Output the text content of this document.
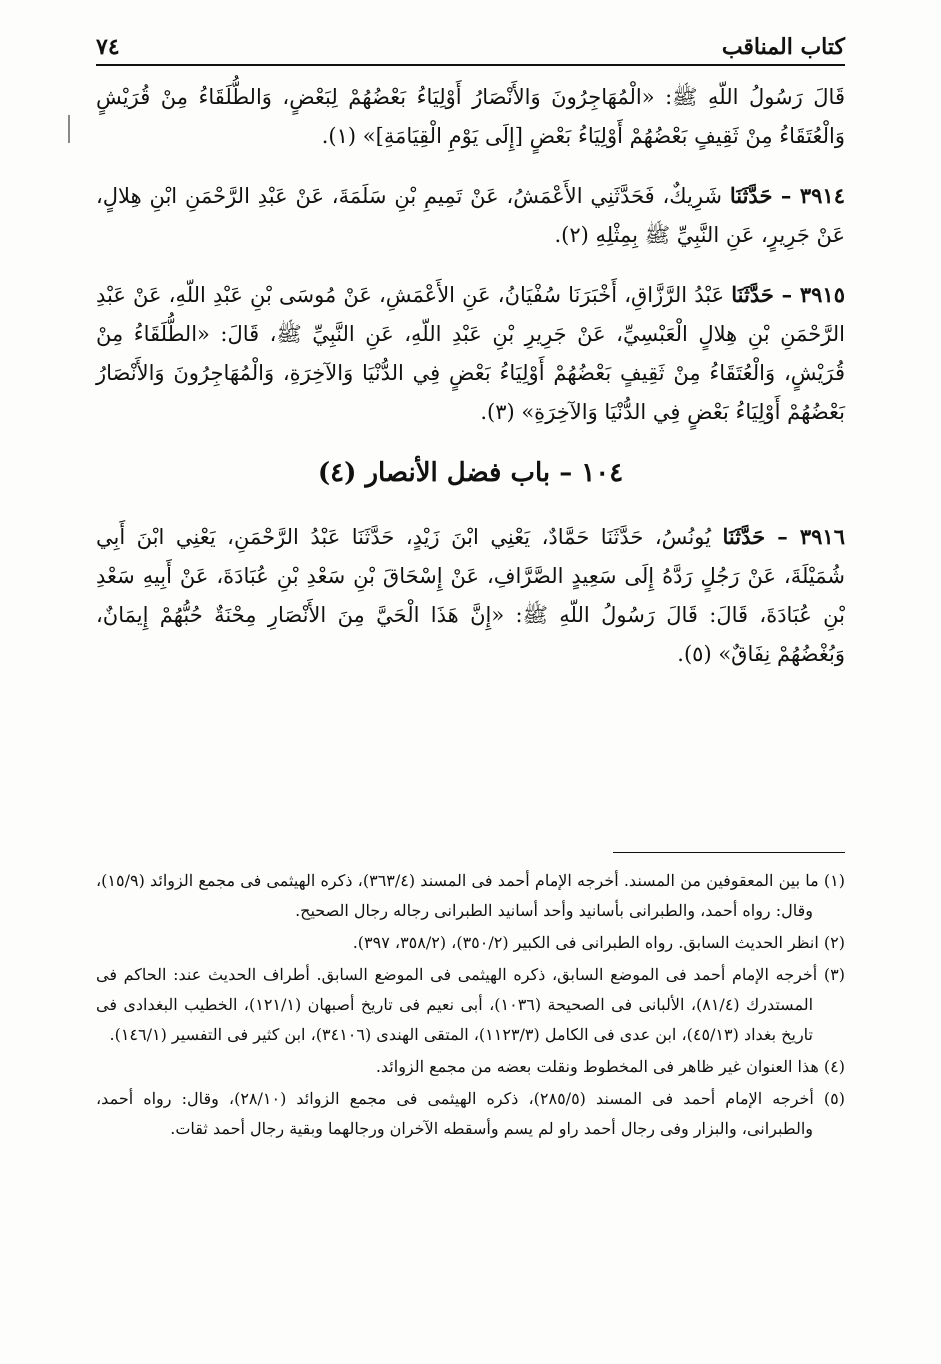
كتاب المناقب
٧٤

قَالَ رَسُولُ اللّهِ ﷺ: «الْمُهَاجِرُونَ وَالأَنْصَارُ أَوْلِيَاءُ بَعْضُهُمْ لِبَعْضٍ، وَالطُّلَقَاءُ مِنْ قُرَيْشٍ وَالْعُتَقَاءُ مِنْ ثَقِيفٍ بَعْضُهُمْ أَوْلِيَاءُ بَعْضٍ [إِلَى يَوْمِ الْقِيَامَةِ]» (١).

٣٩١٤ – حَدَّثَنَا شَرِيكٌ، فَحَدَّثَنِي الأَعْمَشُ، عَنْ تَمِيمِ بْنِ سَلَمَةَ، عَنْ عَبْدِ الرَّحْمَنِ ابْنِ هِلالٍ، عَنْ جَرِيرٍ، عَنِ النَّبِيِّ ﷺ بِمِثْلِهِ (٢).

٣٩١٥ – حَدَّثَنَا عَبْدُ الرَّزَّاقِ، أَخْبَرَنَا سُفْيَانُ، عَنِ الأَعْمَشِ، عَنْ مُوسَى بْنِ عَبْدِ اللّهِ، عَنْ عَبْدِ الرَّحْمَنِ بْنِ هِلالٍ الْعَبْسِيِّ، عَنْ جَرِيرِ بْنِ عَبْدِ اللّهِ، عَنِ النَّبِيِّ ﷺ، قَالَ: «الطُّلَقَاءُ مِنْ قُرَيْشٍ، وَالْعُتَقَاءُ مِنْ ثَقِيفٍ بَعْضُهُمْ أَوْلِيَاءُ بَعْضٍ فِي الدُّنْيَا وَالآخِرَةِ، وَالْمُهَاجِرُونَ وَالأَنْصَارُ بَعْضُهُمْ أَوْلِيَاءُ بَعْضٍ فِي الدُّنْيَا وَالآخِرَةِ» (٣).

١٠٤ – باب فضل الأنصار (٤)

٣٩١٦ – حَدَّثَنَا يُونُسُ، حَدَّثَنَا حَمَّادٌ، يَعْنِي ابْنَ زَيْدٍ، حَدَّثَنَا عَبْدُ الرَّحْمَنِ، يَعْنِي ابْنَ أَبِي شُمَيْلَةَ، عَنْ رَجُلٍ رَدَّهُ إِلَى سَعِيدٍ الصَّرَّافِ، عَنْ إِسْحَاقَ بْنِ سَعْدِ بْنِ عُبَادَةَ، عَنْ أَبِيهِ سَعْدِ بْنِ عُبَادَةَ، قَالَ: قَالَ رَسُولُ اللّهِ ﷺ: «إِنَّ هَذَا الْحَيَّ مِنَ الأَنْصَارِ مِحْنَةٌ حُبُّهُمْ إِيمَانٌ، وَبُغْضُهُمْ نِفَاقٌ» (٥).

(١) ما بين المعقوفين من المسند. أخرجه الإمام أحمد فى المسند (٣٦٣/٤)، ذكره الهيثمى فى مجمع الزوائد (١٥/٩)، وقال: رواه أحمد، والطبرانى بأسانيد وأحد أسانيد الطبرانى رجاله رجال الصحيح.

(٢) انظر الحديث السابق. رواه الطبرانى فى الكبير (٣٥٠/٢)، (٣٥٨/٢، ٣٩٧).

(٣) أخرجه الإمام أحمد فى الموضع السابق، ذكره الهيثمى فى الموضع السابق. أطراف الحديث عند: الحاكم فى المستدرك (٨١/٤)، الألبانى فى الصحيحة (١٠٣٦)، أبى نعيم فى تاريخ أصبهان (١٢١/١)، الخطيب البغدادى فى تاريخ بغداد (٤٥/١٣)، ابن عدى فى الكامل (١١٢٣/٣)، المتقى الهندى (٣٤١٠٦)، ابن كثير فى التفسير (١٤٦/١).

(٤) هذا العنوان غير ظاهر فى المخطوط ونقلت بعضه من مجمع الزوائد.

(٥) أخرجه الإمام أحمد فى المسند (٢٨٥/٥)، ذكره الهيثمى فى مجمع الزوائد (٢٨/١٠)، وقال: رواه أحمد، والطبرانى، والبزار وفى رجال أحمد راو لم يسم وأسقطه الآخران ورجالهما وبقية رجال أحمد ثقات.
